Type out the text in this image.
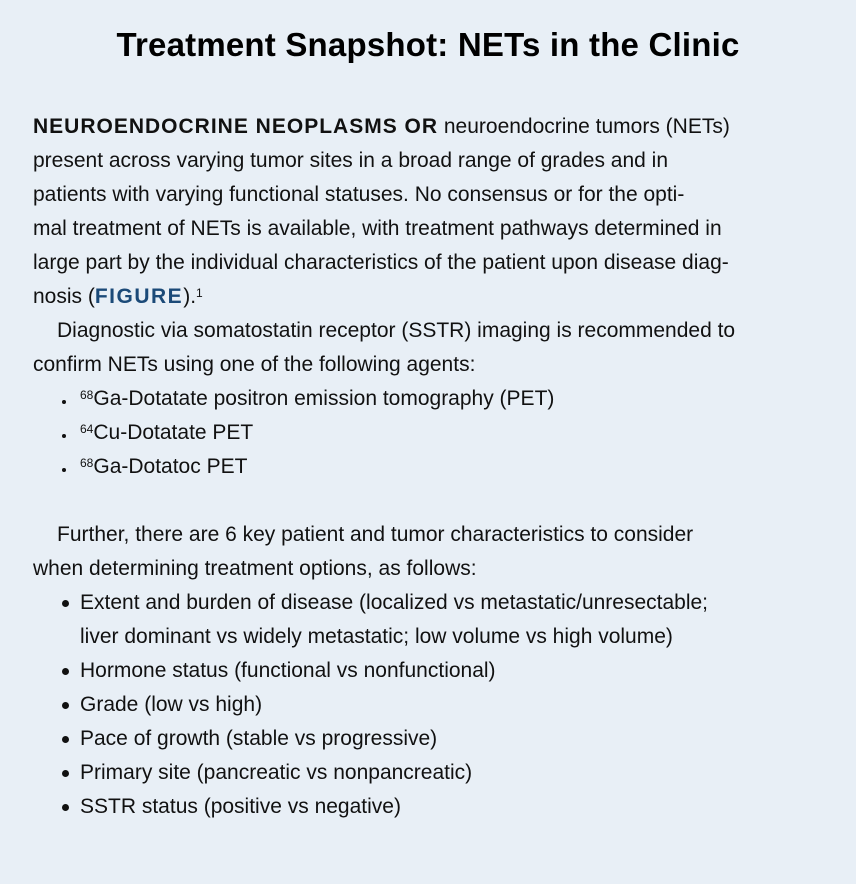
Treatment Snapshot: NETs in the Clinic
NEUROENDOCRINE NEOPLASMS OR neuroendocrine tumors (NETs)
present across varying tumor sites in a broad range of grades and in
patients with varying functional statuses. No consensus or for the opti-
mal treatment of NETs is available, with treatment pathways determined in
large part by the individual characteristics of the patient upon disease diag-
nosis (FIGURE).$^1$
Diagnostic via somatostatin receptor (SSTR) imaging is recommended to
confirm NETs using one of the following agents:
$^{68}$Ga-Dotatate positron emission tomography (PET)
$^{64}$Cu-Dotatate PET
$^{68}$Ga-Dotatoc PET
Further, there are 6 key patient and tumor characteristics to consider
when determining treatment options, as follows:
Extent and burden of disease (localized vs metastatic/unresectable;
liver dominant vs widely metastatic; low volume vs high volume)
Hormone status (functional vs nonfunctional)
Grade (low vs high)
Pace of growth (stable vs progressive)
Primary site (pancreatic vs nonpancreatic)
SSTR status (positive vs negative)
